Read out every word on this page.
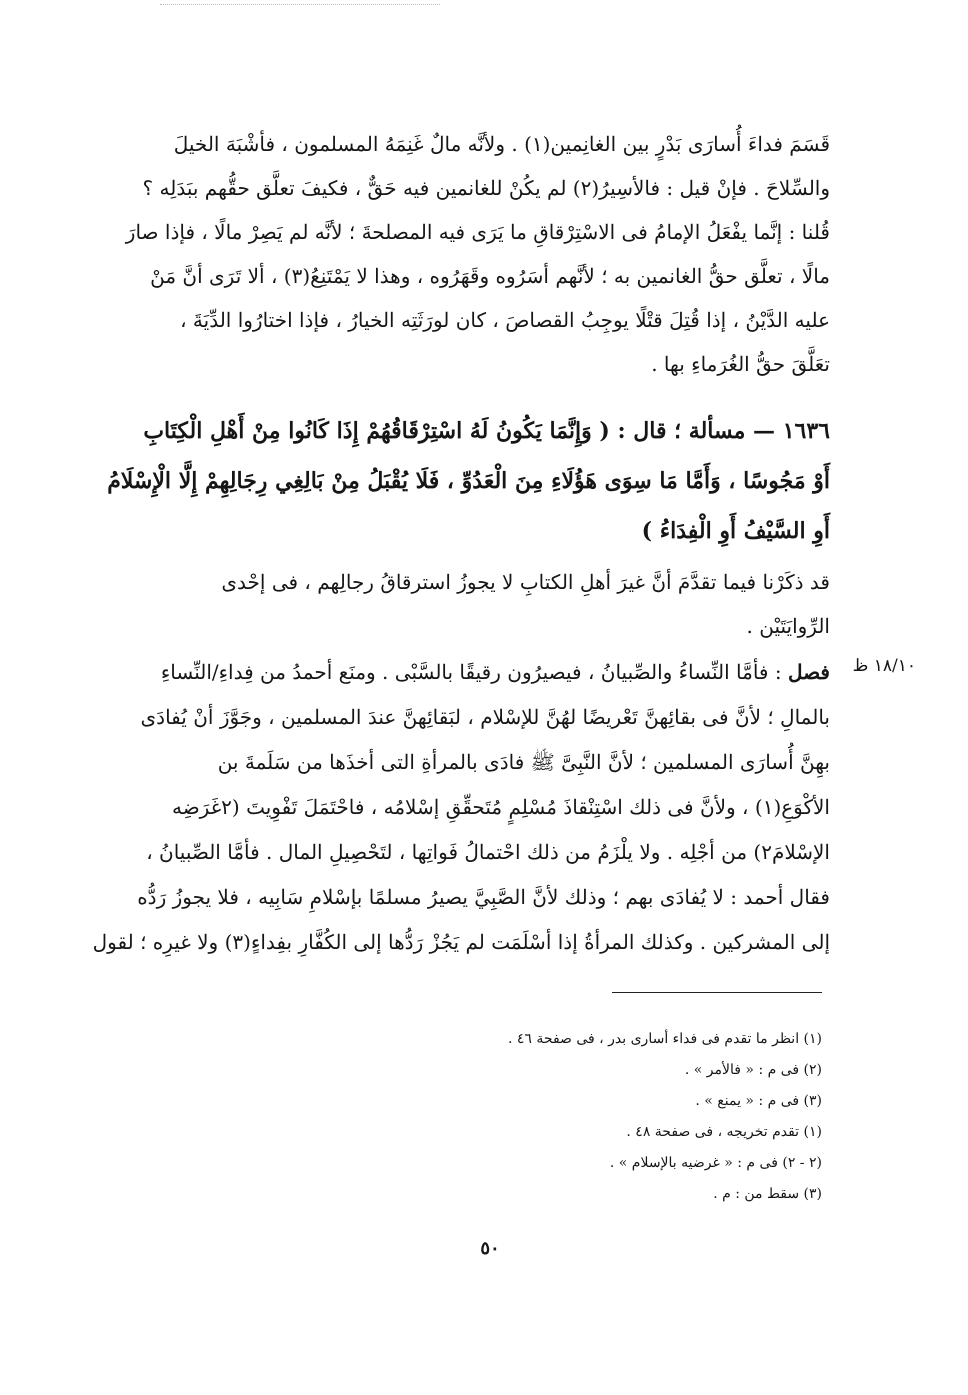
قَسَمَ فداءَ أُسارَى بَدْرٍ بين الغانِمين(١) . ولأنَّه مالٌ غَنِمَهُ المسلمون ، فأشْبَهَ الخيلَ
والسِّلاحَ . فإنْ قيل : فالأسِيرُ(٢) لم يكُنْ للغانمين فيه حَقٌّ ، فكيفَ تعلَّق حقُّهم ببَدَلِه ؟
قُلنا : إنَّما يفْعَلُ الإمامُ فى الاسْتِرْقاقِ ما يَرَى فيه المصلحةَ ؛ لأنَّه لم يَصِرْ مالًا ، فإذا صارَ
مالًا ، تعلَّق حقُّ الغانمين به ؛ لأنَّهم أسَرُوه وقَهَرُوه ، وهذا لا يَمْتَنِعُ(٣) ، ألا تَرَى أنَّ مَنْ
عليه الدَّيْنُ ، إذا قُتِلَ قتْلًا يوجِبُ القصاصَ ، كان لورَثَتِه الخيارُ ، فإذا اختارُوا الدِّيَةَ ،
تعَلَّقَ حقُّ الغُرَماءِ بها .
١٦٣٦ — مسألة ؛ قال : ( وَإِنَّمَا يَكُونُ لَهُ اسْتِرْقَاقُهُمْ إِذَا كَانُوا مِنْ أَهْلِ الْكِتَابِ
أَوْ مَجُوسًا ، وَأَمَّا مَا سِوَى هَؤُلَاءِ مِنَ الْعَدُوِّ ، فَلَا يُقْبَلُ مِنْ بَالِغِي رِجَالِهِمْ إِلَّا الْإِسْلَامُ
أَوِ السَّيْفُ أَوِ الْفِدَاءُ )
قد ذكَرْنا فيما تقدَّمَ أنَّ غيرَ أهلِ الكتابِ لا يجوزُ استرقاقُ رجالِهم ، فى إحْدى
الرِّوايَتَيْن .
١٨/١٠ ظ
فصل : فأمَّا النِّساءُ والصِّبيانُ ، فيصيرُون رقيقًا بالسَّبْى . ومنَع أحمدُ من فِداءِ/النِّساءِ
بالمالِ ؛ لأنَّ فى بقائِهنَّ تَعْريضًا لهُنَّ للإسْلام ، لبَقائِهنَّ عندَ المسلمين ، وجَوَّزَ أنْ يُفادَى
بهِنَّ أُسارَى المسلمين ؛ لأنَّ النَّبِىَّ ﷺ فادَى بالمرأةِ التى أخذَها من سَلَمةَ بن
الأكْوَعِ(١) ، ولأنَّ فى ذلك اسْتِنْقاذَ مُسْلِمٍ مُتَحقِّقِ إسْلامُه ، فاحْتَمَلَ تَفْوِيتَ (٢غَرَضِه
الإسْلامَ٢) من أجْلِه . ولا يلْزَمُ من ذلك احْتمالُ فَواتِها ، لتَحْصِيلِ المال . فأمَّا الصِّبيانُ ،
فقال أحمد : لا يُفادَى بهم ؛ وذلك لأنَّ الصَّبِيَّ يصيرُ مسلمًا بإسْلامِ سَابِيه ، فلا يجوزُ رَدُّه
إلى المشركين . وكذلك المرأةُ إذا أسْلَمَت لم يَجُزْ رَدُّها إلى الكُفَّارِ بفِداءٍ(٣) ولا غيرِه ؛ لقول
(١) انظر ما تقدم فى فداء أسارى بدر ، فى صفحة ٤٦ .
(٢) فى م : « فالأمر » .
(٣) فى م : « يمنع » .
(١) تقدم تخريجه ، فى صفحة ٤٨ .
(٢ - ٢) فى م : « غرضيه بالإسلام » .
(٣) سقط من : م .
٥٠
